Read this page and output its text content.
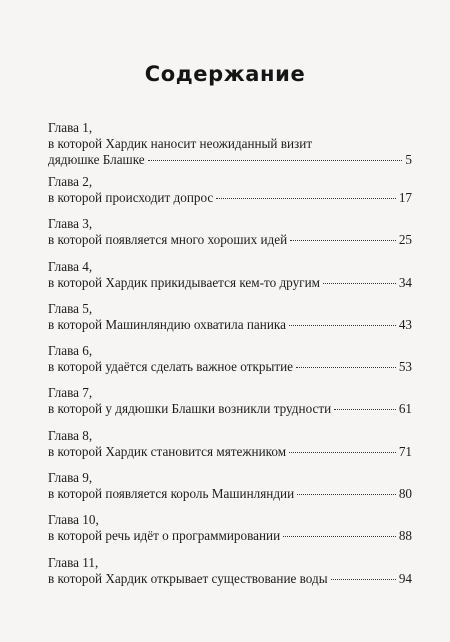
Содержание
Глава 1,
в которой Хардик наносит неожиданный визит
дядюшке Блашке	5
Глава 2,
в которой происходит допрос	17
Глава 3,
в которой появляется много хороших идей	25
Глава 4,
в которой Хардик прикидывается кем-то другим	34
Глава 5,
в которой Машинляндию охватила паника	43
Глава 6,
в которой удаётся сделать важное открытие	53
Глава 7,
в которой у дядюшки Блашки возникли трудности	61
Глава 8,
в которой Хардик становится мятежником	71
Глава 9,
в которой появляется король Машинляндии	80
Глава 10,
в которой речь идёт о программировании	88
Глава 11,
в которой Хардик открывает существование воды	94
